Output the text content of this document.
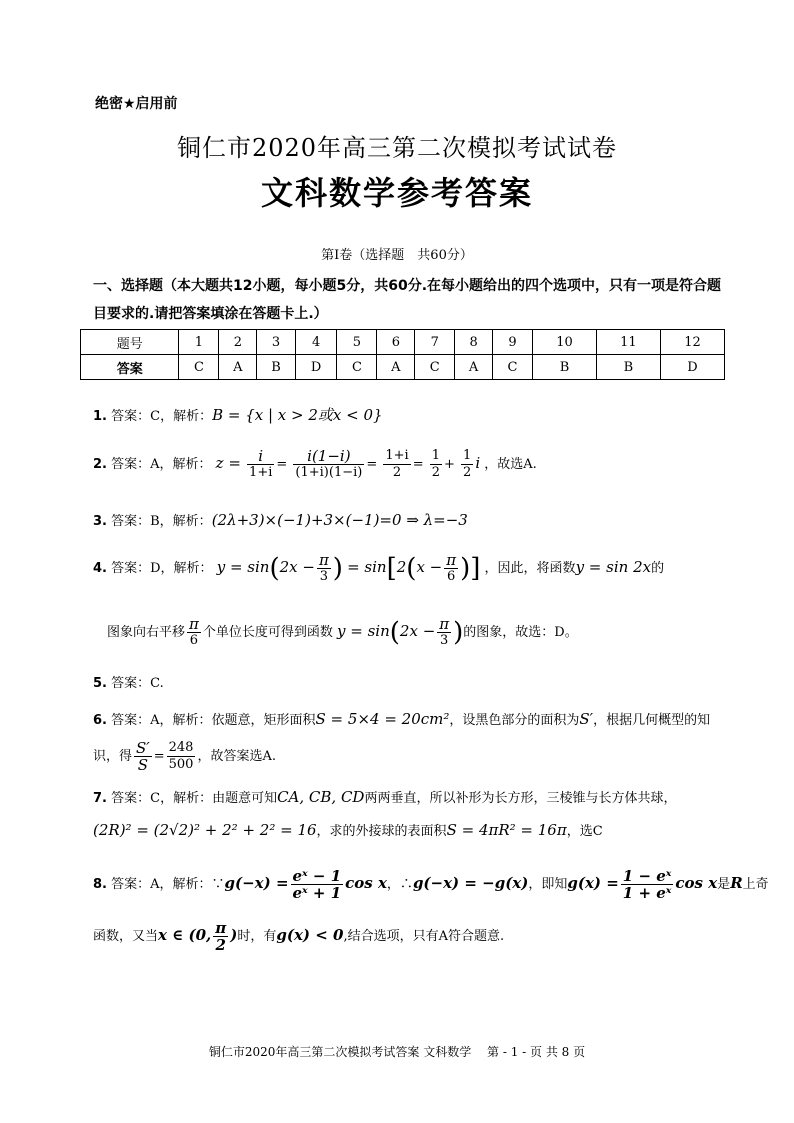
绝密★启用前
铜仁市2020年高三第二次模拟考试试卷
文科数学参考答案
第Ⅰ卷（选择题　共60分）
一、选择题（本大题共12小题，每小题5分，共60分.在每小题给出的四个选项中，只有一项是符合题目要求的.请把答案填涂在答题卡上.）
题号	1	2	3	4	5	6	7	8	9	10	11	12
答案	C	A	B	D	C	A	C	A	C	B	B	D
1. 答案：C，解析：B = {x | x > 2或x < 0}
2. 答案：A，解析： $z = \frac{i}{1+i} = \frac{i(1-i)}{(1+i)(1-i)} = \frac{1+i}{2} = \frac{1}{2} + \frac{1}{2}$ i ，故选A.
3. 答案：B，解析：(2λ+3)×(−1)+3×(−1)=0 ⇒ λ=−3
4. 答案：D，解析： $y = \sin(2x - \frac{\pi}{3}$ ) = $\sin[2(x - \frac{\pi}{6}$ )] ，因此，将函数y = sin 2x的
图象向右平移 $\frac{\pi}{6}$ 个单位长度可得到函数 $y = \sin(2x - \frac{\pi}{3}$ )的图象，故选：D。
5. 答案：C.
6. 答案：A，解析：依题意，矩形面积S = 5×4 = 20cm²，设黑色部分的面积为S′，根据几何概型的知
识，得 $\frac{S'}{S} = \frac{248}{500}$ ，故答案选A.
7. 答案：C，解析：由题意可知CA, CB, CD两两垂直，所以补形为长方形，三棱锥与长方体共球，
(2R)² = (2√2)² + 2² + 2² = 16，求的外接球的表面积S = 4πR² = 16π，选C
8. 答案：A，解析：∵g(−x) = $\frac{\text{eˣ − 1}}{\text{eˣ + 1}}$ cos x，∴g(−x) = −g(x)，即知$g(x) = \frac{\text{1 − eˣ}}{\text{1 + eˣ}}$ cos x是R上奇
函数，又当x ∈ (0, $\frac{\pi}{2}$ )时，有g(x) < 0,结合选项，只有A符合题意.
铜仁市2020年高三第二次模拟考试答案 文科数学　 第 - 1 - 页 共 8 页
